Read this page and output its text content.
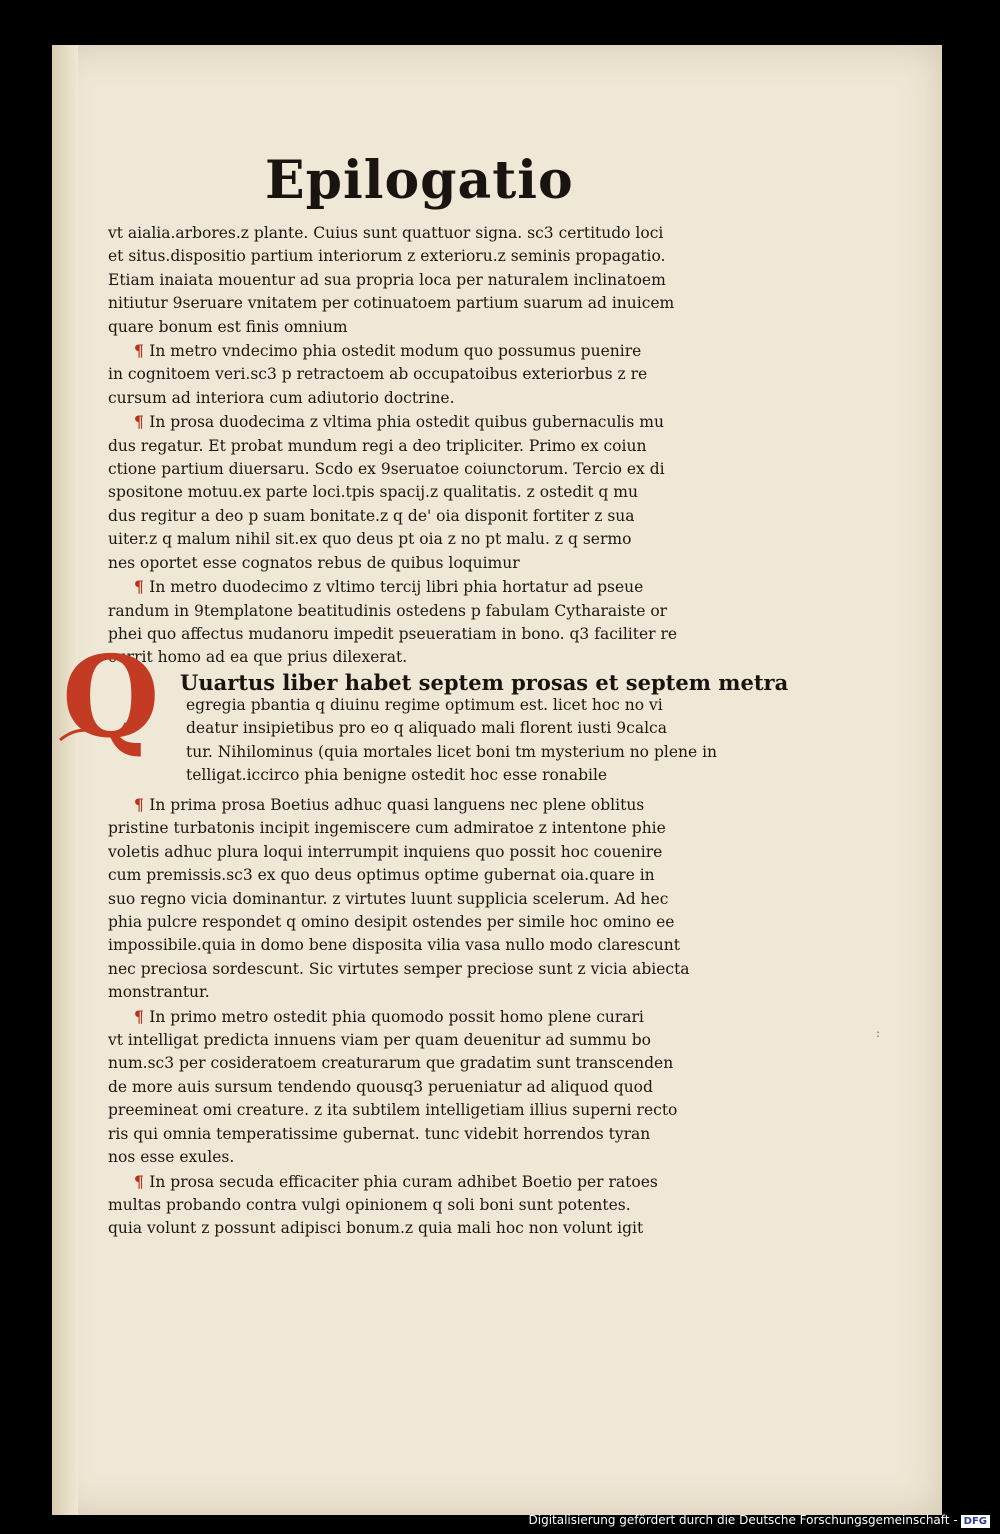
Epilogatio
vt aialia.arbores.z plante. Cuius sunt quattuor signa. sc3 certitudo loci
et situs.dispositio partium interiorum z exterioru.z seminis propagatio.
Etiam inaiata mouentur ad sua propria loca per naturalem inclinatoem
nitiutur 9seruare vnitatem per cotinuatoem partium suarum ad inuicem
quare bonum est finis omnium
¶ In metro vndecimo phia ostedit modum quo possumus puenire
in cognitoem veri.sc3 p retractoem ab occupatoibus exteriorbus z re
cursum ad interiora cum adiutorio doctrine.
¶ In prosa duodecima z vltima phia ostedit quibus gubernaculis mu
dus regatur. Et probat mundum regi a deo tripliciter. Primo ex coiun
ctione partium diuersaru. Scdo ex 9seruatoe coiunctorum. Tercio ex di
spositone motuu.ex parte loci.tpis spacij.z qualitatis. z ostedit q mu
dus regitur a deo p suam bonitate.z q de' oia disponit fortiter z sua
uiter.z q malum nihil sit.ex quo deus pt oia z no pt malu. z q sermo
nes oportet esse cognatos rebus de quibus loquimur
¶ In metro duodecimo z vltimo tercij libri phia hortatur ad pseue
randum in 9templatone beatitudinis ostedens p fabulam Cytharaiste or
phei quo affectus mudanoru impedit pseueratiam in bono. q3 faciliter re
currit homo ad ea que prius dilexerat.
Q Uuartus liber habet septem prosas et septem metra
egregia pbantia q diuinu regime optimum est. licet hoc no vi
deatur insipietibus pro eo q aliquado mali florent iusti 9calca
tur. Nihilominus (quia mortales licet boni tm mysterium no plene in
telligat.iccirco phia benigne ostedit hoc esse ronabile
¶ In prima prosa Boetius adhuc quasi languens nec plene oblitus
pristine turbatonis incipit ingemiscere cum admiratoe z intentone phie
voletis adhuc plura loqui interrumpit inquiens quo possit hoc couenire
cum premissis.sc3 ex quo deus optimus optime gubernat oia.quare in
suo regno vicia dominantur. z virtutes luunt supplicia scelerum. Ad hec
phia pulcre respondet q omino desipit ostendes per simile hoc omino ee
impossibile.quia in domo bene disposita vilia vasa nullo modo clarescunt
nec preciosa sordescunt. Sic virtutes semper preciose sunt z vicia abiecta
monstrantur.
¶ In primo metro ostedit phia quomodo possit homo plene curari
vt intelligat predicta innuens viam per quam deuenitur ad summu bo
num.sc3 per cosideratoem creaturarum que gradatim sunt transcenden
de more auis sursum tendendo quousq3 perueniatur ad aliquod quod
preemineat omi creature. z ita subtilem intelligetiam illius superni recto
ris qui omnia temperatissime gubernat. tunc videbit horrendos tyran
nos esse exules.
¶ In prosa secuda efficaciter phia curam adhibet Boetio per ratoes
multas probando contra vulgi opinionem q soli boni sunt potentes.
quia volunt z possunt adipisci bonum.z quia mali hoc non volunt igit
:
Digitalisierung gefördert durch die Deutsche Forschungsgemeinschaft - DFG
